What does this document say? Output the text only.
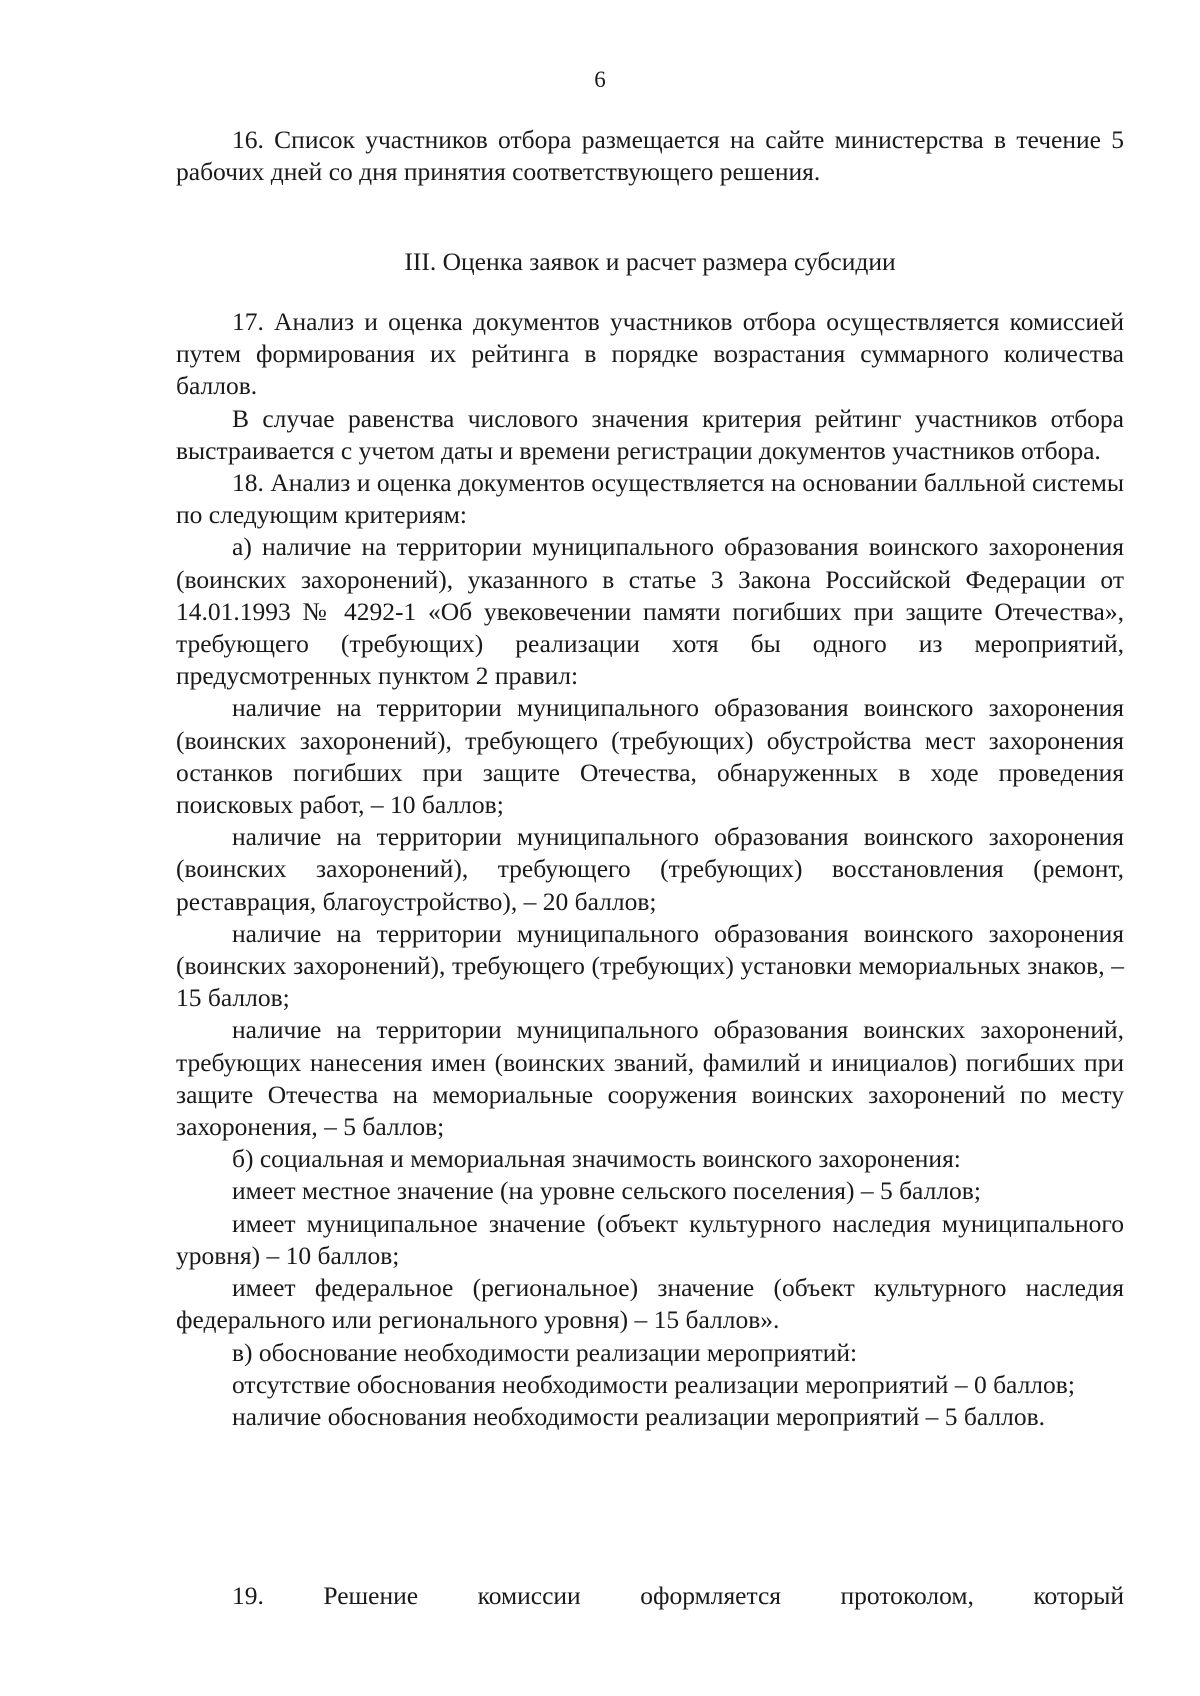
6

16. Список участников отбора размещается на сайте министерства в течение 5 рабочих дней со дня принятия соответствующего решения.

III. Оценка заявок и расчет размера субсидии

17. Анализ и оценка документов участников отбора осуществляется комиссией путем формирования их рейтинга в порядке возрастания суммарного количества баллов.

В случае равенства числового значения критерия рейтинг участников отбора выстраивается с учетом даты и времени регистрации документов участников отбора.

18. Анализ и оценка документов осуществляется на основании балльной системы по следующим критериям:

а) наличие на территории муниципального образования воинского захоронения (воинских захоронений), указанного в статье 3 Закона Российской Федерации от 14.01.1993 № 4292-1 «Об увековечении памяти погибших при защите Отечества», требующего (требующих) реализации хотя бы одного из мероприятий, предусмотренных пунктом 2 правил:

наличие на территории муниципального образования воинского захоронения (воинских захоронений), требующего (требующих) обустройства мест захоронения останков погибших при защите Отечества, обнаруженных в ходе проведения поисковых работ, – 10 баллов;

наличие на территории муниципального образования воинского захоронения (воинских захоронений), требующего (требующих) восстановления (ремонт, реставрация, благоустройство), – 20 баллов;

наличие на территории муниципального образования воинского захоронения (воинских захоронений), требующего (требующих) установки мемориальных знаков, – 15 баллов;

наличие на территории муниципального образования воинских захоронений, требующих нанесения имен (воинских званий, фамилий и инициалов) погибших при защите Отечества на мемориальные сооружения воинских захоронений по месту захоронения, – 5 баллов;

б) социальная и мемориальная значимость воинского захоронения:

имеет местное значение (на уровне сельского поселения) – 5 баллов;

имеет муниципальное значение (объект культурного наследия муниципального уровня) – 10 баллов;

имеет федеральное (региональное) значение (объект культурного наследия федерального или регионального уровня) – 15 баллов».

в) обоснование необходимости реализации мероприятий:

отсутствие обоснования необходимости реализации мероприятий – 0 баллов;

наличие обоснования необходимости реализации мероприятий – 5 баллов.

19. Решение комиссии оформляется протоколом, который
